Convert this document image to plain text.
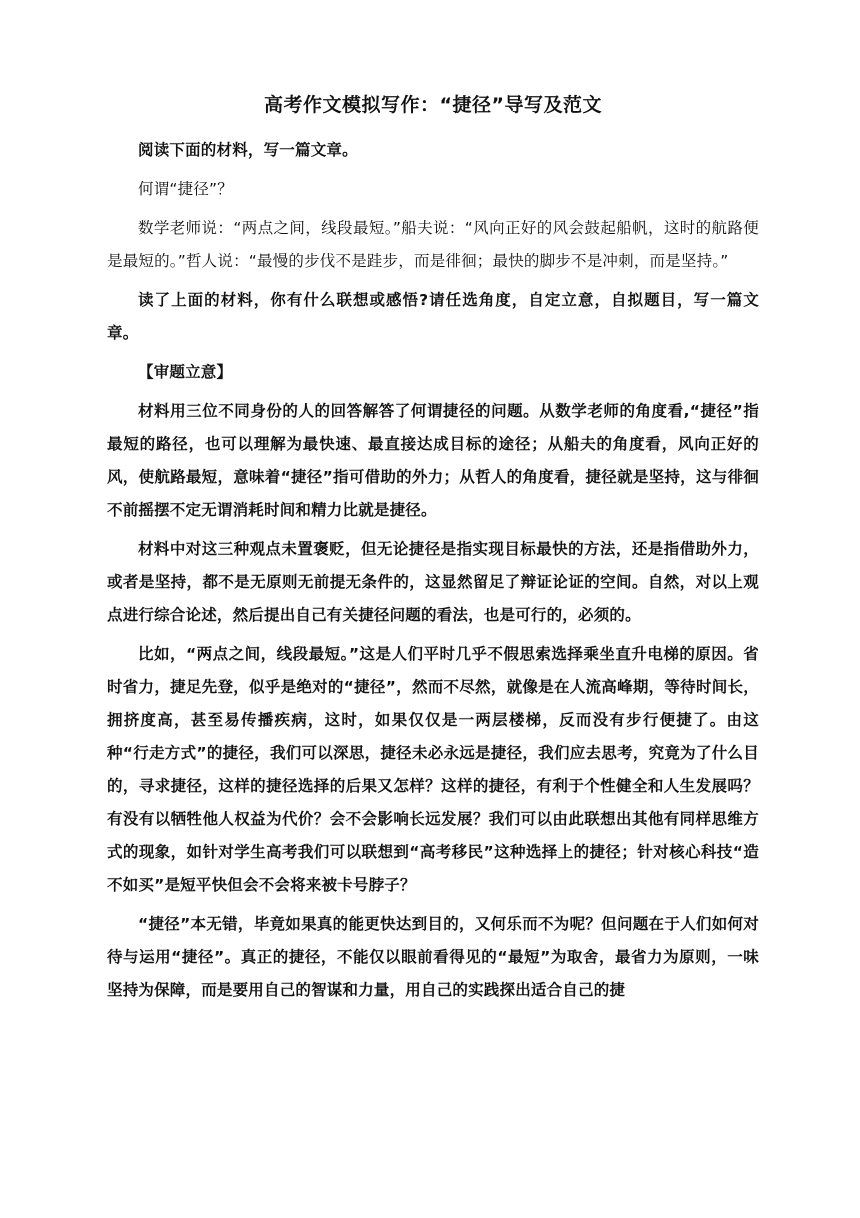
高考作文模拟写作：“捷径”导写及范文

阅读下面的材料，写一篇文章。

何谓“捷径”？

数学老师说：“两点之间，线段最短。”船夫说：“风向正好的风会鼓起船帆，这时的航路便是最短的。”哲人说：“最慢的步伐不是跬步，而是徘徊；最快的脚步不是冲刺，而是坚持。”

读了上面的材料，你有什么联想或感悟?请任选角度，自定立意，自拟题目，写一篇文章。

【审题立意】

材料用三位不同身份的人的回答解答了何谓捷径的问题。从数学老师的角度看,“捷径”指最短的路径，也可以理解为最快速、最直接达成目标的途径；从船夫的角度看，风向正好的风，使航路最短，意味着“捷径”指可借助的外力；从哲人的角度看，捷径就是坚持，这与徘徊不前摇摆不定无谓消耗时间和精力比就是捷径。

材料中对这三种观点未置褒贬，但无论捷径是指实现目标最快的方法，还是指借助外力，或者是坚持，都不是无原则无前提无条件的，这显然留足了辩证论证的空间。自然，对以上观点进行综合论述，然后提出自己有关捷径问题的看法，也是可行的，必须的。

比如，“两点之间，线段最短。”这是人们平时几乎不假思索选择乘坐直升电梯的原因。省时省力，捷足先登，似乎是绝对的“捷径”，然而不尽然，就像是在人流高峰期，等待时间长，拥挤度高，甚至易传播疾病，这时，如果仅仅是一两层楼梯，反而没有步行便捷了。由这种“行走方式”的捷径，我们可以深思，捷径未必永远是捷径，我们应去思考，究竟为了什么目的，寻求捷径，这样的捷径选择的后果又怎样？这样的捷径，有利于个性健全和人生发展吗？有没有以牺牲他人权益为代价？会不会影响长远发展？我们可以由此联想出其他有同样思维方式的现象，如针对学生高考我们可以联想到“高考移民”这种选择上的捷径；针对核心科技“造不如买”是短平快但会不会将来被卡号脖子？

“捷径”本无错，毕竟如果真的能更快达到目的，又何乐而不为呢？但问题在于人们如何对待与运用“捷径”。真正的捷径，不能仅以眼前看得见的“最短”为取舍，最省力为原则，一味坚持为保障，而是要用自己的智谋和力量，用自己的实践探出适合自己的捷
